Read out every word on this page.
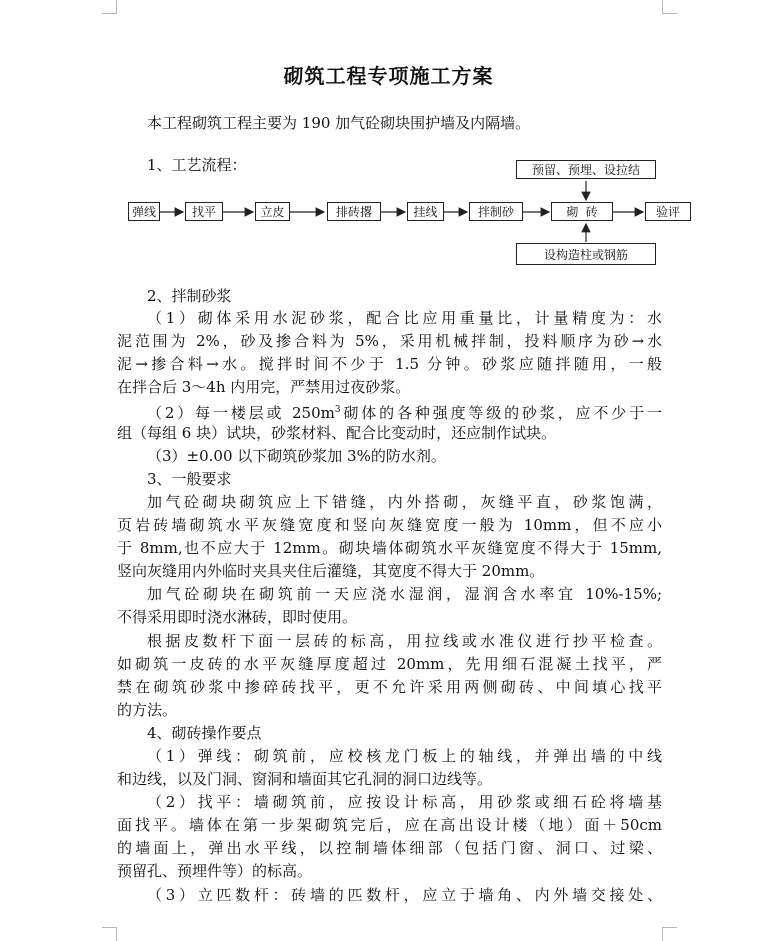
砌筑工程专项施工方案
本工程砌筑工程主要为 190 加气砼砌块围护墙及内隔墙。
1、工艺流程：	预留、预埋、设拉结
弹线	找平	立皮	排砖撂	挂线	拌制砂	砌 砖	验评
设构造柱或钢筋
2、拌制砂浆
（1）砌体采用水泥砂浆，配合比应用重量比，计量精度为：水
泥范围为 2%，砂及掺合料为 5%，采用机械拌制，投料顺序为砂→水
泥→掺合料→水。搅拌时间不少于 1.5 分钟。砂浆应随拌随用，一般
在拌合后 3～4h 内用完，严禁用过夜砂浆。
（2）每一楼层或 $250m^3$砌体的各种强度等级的砂浆，应不少于一
组（每组 6 块）试块，砂浆材料、配合比变动时，还应制作试块。
（3）±0.00 以下砌筑砂浆加 3%的防水剂。
3、一般要求
加气砼砌块砌筑应上下错缝，内外搭砌，灰缝平直，砂浆饱满，
页岩砖墙砌筑水平灰缝宽度和竖向灰缝宽度一般为 10mm，但不应小
于 8mm,也不应大于 12mm。砌块墙体砌筑水平灰缝宽度不得大于 15mm,
竖向灰缝用内外临时夹具夹住后灌缝，其宽度不得大于 20mm。
加气砼砌块在砌筑前一天应浇水湿润，湿润含水率宜 10%-15%;
不得采用即时浇水淋砖，即时使用。
根据皮数杆下面一层砖的标高，用拉线或水准仪进行抄平检查。
如砌筑一皮砖的水平灰缝厚度超过 20mm，先用细石混凝土找平，严
禁在砌筑砂浆中掺碎砖找平，更不允许采用两侧砌砖、中间填心找平
的方法。
4、砌砖操作要点
（1）弹线：砌筑前，应校核龙门板上的轴线，并弹出墙的中线
和边线，以及门洞、窗洞和墙面其它孔洞的洞口边线等。
（2）找平：墙砌筑前，应按设计标高，用砂浆或细石砼将墙基
面找平。墙体在第一步架砌筑完后，应在高出设计楼（地）面＋50cm
的墙面上，弹出水平线，以控制墙体细部（包括门窗、洞口、过梁、
预留孔、预埋件等）的标高。
（3）立匹数杆：砖墙的匹数杆，应立于墙角、内外墙交接处、
